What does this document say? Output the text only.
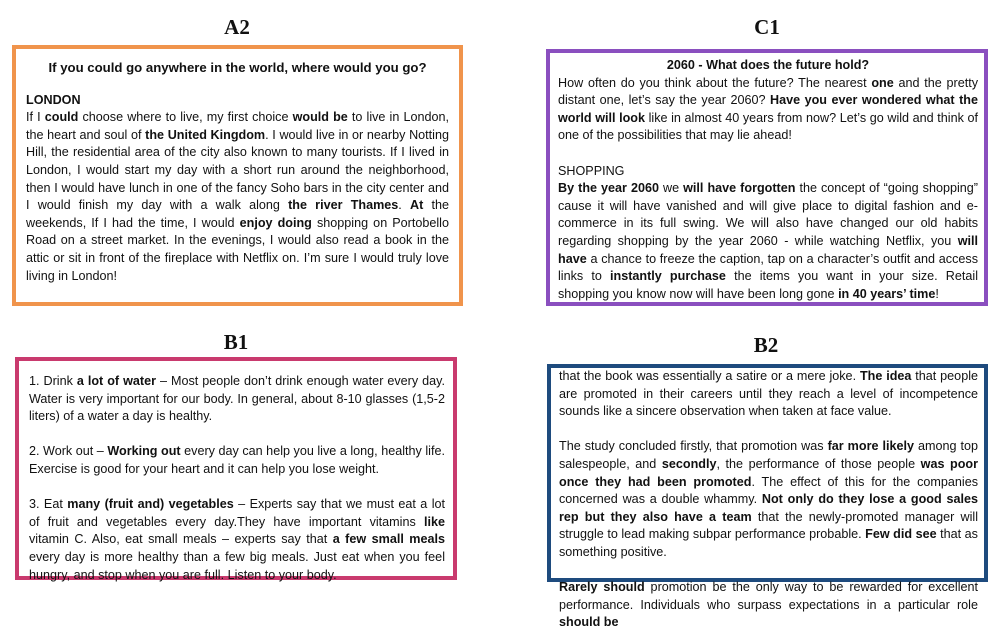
A2	C1
B1	B2

If you could go anywhere in the world, where would you go?

LONDON

If I could choose where to live, my first choice would be to live in London, the heart and soul of the United Kingdom. I would live in or nearby Notting Hill, the residential area of the city also known to many tourists. If I lived in London, I would start my day with a short run around the neighborhood, then I would have lunch in one of the fancy Soho bars in the city center and I would finish my day with a walk along the river Thames. At the weekends, If I had the time, I would enjoy doing shopping on Portobello Road on a street market. In the evenings, I would also read a book in the attic or sit in front of the fireplace with Netflix on. I’m sure I would truly love living in London!

2060 - What does the future hold?

How often do you think about the future? The nearest one and the pretty distant one, let’s say the year 2060? Have you ever wondered what the world will look like in almost 40 years from now? Let’s go wild and think of one of the possibilities that may lie ahead!

SHOPPING

By the year 2060 we will have forgotten the concept of “going shopping” cause it will have vanished and will give place to digital fashion and e-commerce in its full swing. We will also have changed our old habits regarding shopping by the year 2060 - while watching Netflix, you will have a chance to freeze the caption, tap on a character’s outfit and access links to instantly purchase the items you want in your size. Retail shopping you know now will have been long gone in 40 years’ time!

1. Drink a lot of water – Most people don’t drink enough water every day. Water is very important for our body. In general, about 8-10 glasses (1,5-2 liters) of a water a day is healthy.

2. Work out – Working out every day can help you live a long, healthy life. Exercise is good for your heart and it can help you lose weight.

3. Eat many (fruit and) vegetables – Experts say that we must eat a lot of fruit and vegetables every day.They have important vitamins like vitamin C. Also, eat small meals – experts say that a few small meals every day is more healthy than a few big meals. Just eat when you feel hungry, and stop when you are full. Listen to your body.

that the book was essentially a satire or a mere joke. The idea that people are promoted in their careers until they reach a level of incompetence sounds like a sincere observation when taken at face value.

The study concluded firstly, that promotion was far more likely among top salespeople, and secondly, the performance of those people was poor once they had been promoted. The effect of this for the companies concerned was a double whammy. Not only do they lose a good sales rep but they also have a team that the newly-promoted manager will struggle to lead making subpar performance probable. Few did see that as something positive.

Rarely should promotion be the only way to be rewarded for excellent performance. Individuals who surpass expectations in a particular role should be
